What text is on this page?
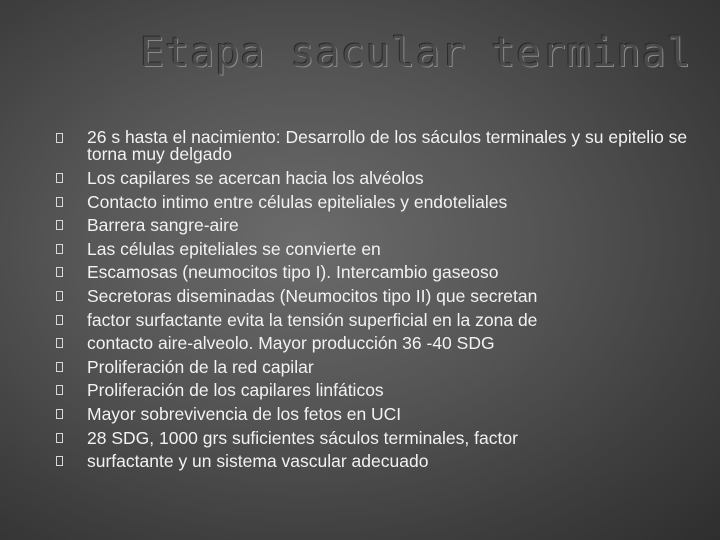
Etapa sacular terminal
26 s hasta el nacimiento: Desarrollo de los sáculos terminales y su epitelio se torna muy delgado
Los capilares se acercan hacia los alvéolos
Contacto intimo entre células epiteliales y endoteliales
Barrera sangre-aire
Las células epiteliales se convierte en
Escamosas (neumocitos tipo I). Intercambio gaseoso
Secretoras diseminadas (Neumocitos tipo II) que secretan
factor surfactante evita la tensión superficial en la zona de
contacto aire-alveolo. Mayor producción 36 -40 SDG
Proliferación de la red capilar
Proliferación de los capilares linfáticos
Mayor sobrevivencia de los fetos en UCI
28 SDG, 1000 grs suficientes sáculos terminales, factor
surfactante y un sistema vascular adecuado
